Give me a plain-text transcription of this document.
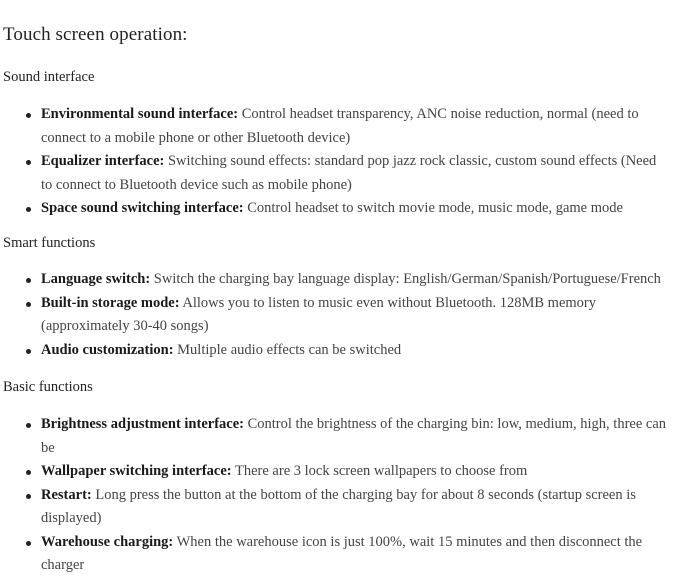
Touch screen operation:

Sound interface

Environmental sound interface: Control headset transparency, ANC noise reduction, normal (need to connect to a mobile phone or other Bluetooth device)
Equalizer interface: Switching sound effects: standard pop jazz rock classic, custom sound effects (Need to connect to Bluetooth device such as mobile phone)
Space sound switching interface: Control headset to switch movie mode, music mode, game mode

Smart functions

Language switch: Switch the charging bay language display: English/German/Spanish/Portuguese/French
Built-in storage mode: Allows you to listen to music even without Bluetooth. 128MB memory (approximately 30-40 songs)
Audio customization: Multiple audio effects can be switched

Basic functions

Brightness adjustment interface: Control the brightness of the charging bin: low, medium, high, three can be
Wallpaper switching interface: There are 3 lock screen wallpapers to choose from
Restart: Long press the button at the bottom of the charging bay for about 8 seconds (startup screen is displayed)
Warehouse charging: When the warehouse icon is just 100%, wait 15 minutes and then disconnect the charger
